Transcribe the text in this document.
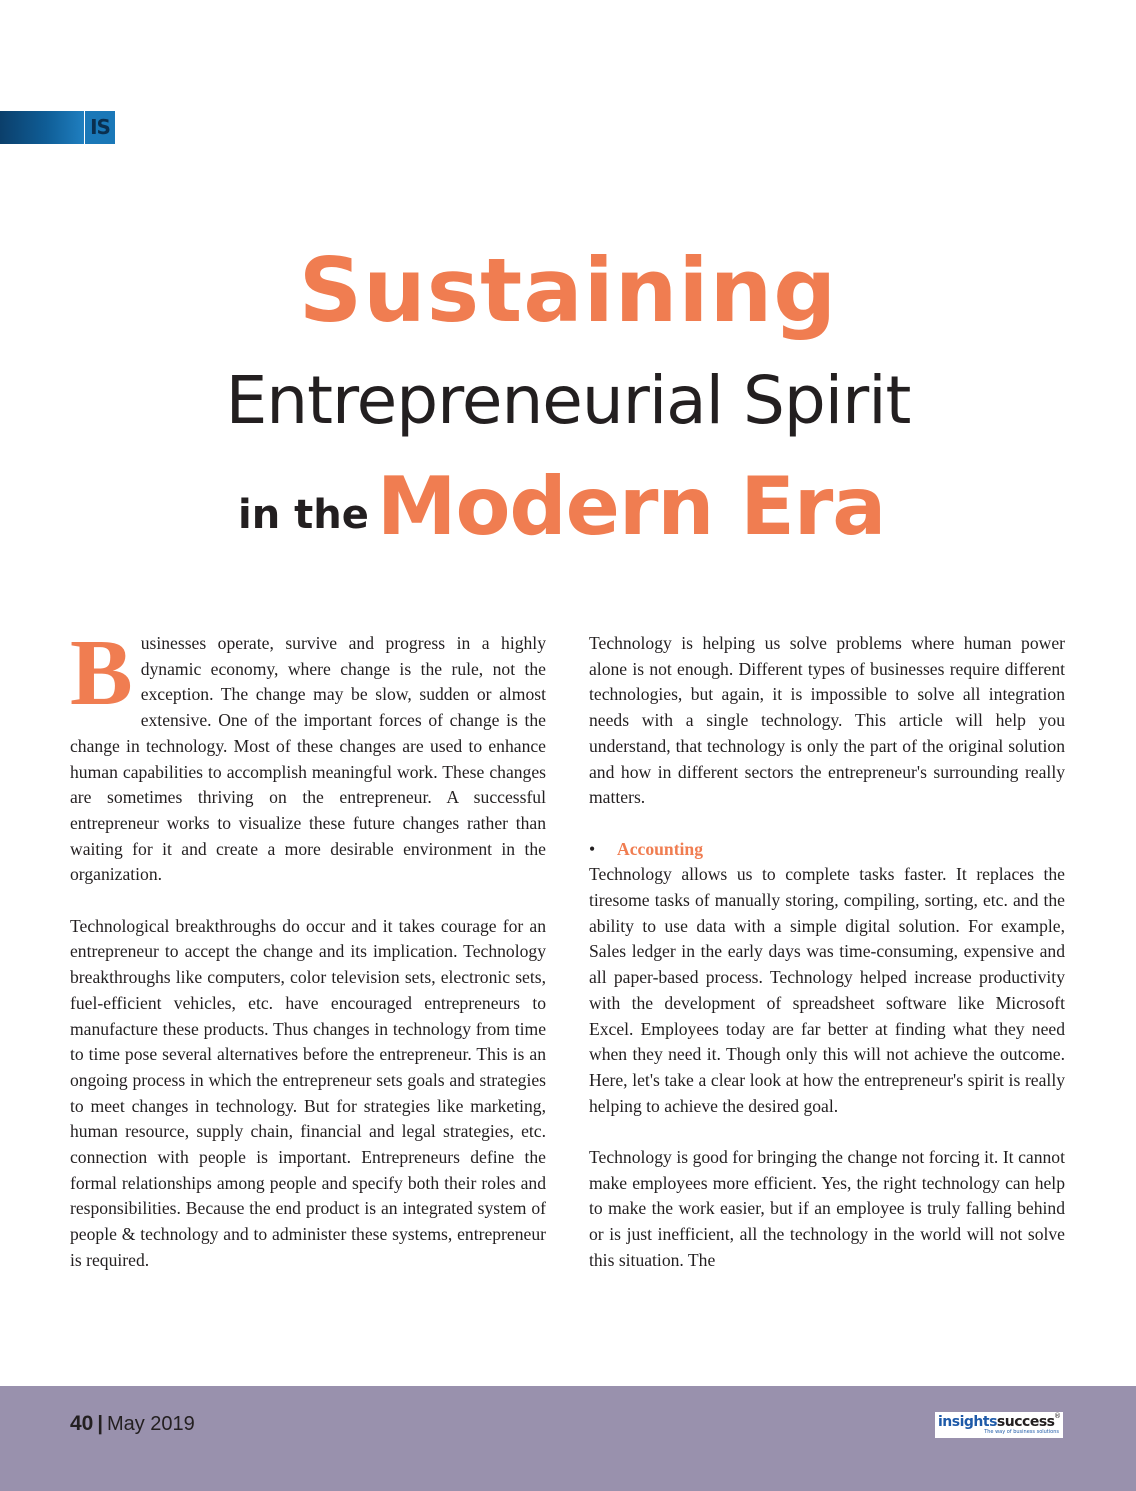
IS
Sustaining
Entrepreneurial Spirit
in the Modern Era

Businesses operate, survive and progress in a highly dynamic economy, where change is the rule, not the exception. The change may be slow, sudden or almost extensive. One of the important forces of change is the change in technology. Most of these changes are used to enhance human capabilities to accomplish meaningful work. These changes are sometimes thriving on the entrepreneur. A successful entrepreneur works to visualize these future changes rather than waiting for it and create a more desirable environment in the organization.

Technological breakthroughs do occur and it takes courage for an entrepreneur to accept the change and its implication. Technology breakthroughs like computers, color television sets, electronic sets, fuel-efficient vehicles, etc. have encouraged entrepreneurs to manufacture these products. Thus changes in technology from time to time pose several alternatives before the entrepreneur. This is an ongoing process in which the entrepreneur sets goals and strategies to meet changes in technology. But for strategies like marketing, human resource, supply chain, financial and legal strategies, etc. connection with people is important. Entrepreneurs define the formal relationships among people and specify both their roles and responsibilities. Because the end product is an integrated system of people & technology and to administer these systems, entrepreneur is required.

Technology is helping us solve problems where human power alone is not enough. Different types of businesses require different technologies, but again, it is impossible to solve all integration needs with a single technology. This article will help you understand, that technology is only the part of the original solution and how in different sectors the entrepreneur's surrounding really matters.

• Accounting

Technology allows us to complete tasks faster. It replaces the tiresome tasks of manually storing, compiling, sorting, etc. and the ability to use data with a simple digital solution. For example, Sales ledger in the early days was time-consuming, expensive and all paper-based process. Technology helped increase productivity with the development of spreadsheet software like Microsoft Excel. Employees today are far better at finding what they need when they need it. Though only this will not achieve the outcome. Here, let's take a clear look at how the entrepreneur's spirit is really helping to achieve the desired goal.

Technology is good for bringing the change not forcing it. It cannot make employees more efficient. Yes, the right technology can help to make the work easier, but if an employee is truly falling behind or is just inefficient, all the technology in the world will not solve this situation. The

40 | May 2019	insightssuccess ®
The way of business solutions
